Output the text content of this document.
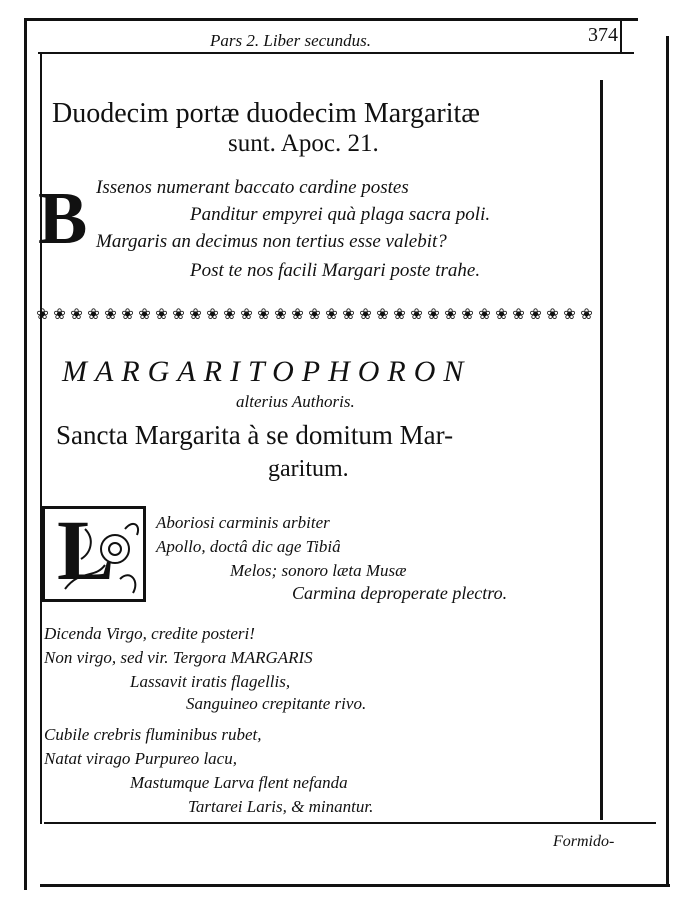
Pars 2. Liber secundus.	374
Duodecim portæ duodecim Margaritæ
sunt. Apoc. 21.
B Issenos numerant baccato cardine postes
Panditur empyrei quà plaga sacra poli.
Margaris an decimus non tertius esse valebit?
Post te nos facili Margari poste trahe.
❀ ❀ ❀ ❀ ❀ ❀ ❀ ❀ ❀ ❀ ❀ ❀ ❀ ❀ ❀ ❀ ❀ ❀ ❀ ❀ ❀ ❀ ❀ ❀ ❀ ❀ ❀ ❀ ❀ ❀ ❀ ❀ ❀
MARGARITOPHORON
alterius Authoris.
Sancta Margarita à se domitum Mar-
garitum.
L Aboriosi carminis arbiter
Apollo, doctâ dic age Tibiâ
Melos; sonoro læta Musæ
Carmina deproperate plectro.
Dicenda Virgo, credite posteri!
Non virgo, sed vir. Tergora MARGARIS
Lassavit iratis flagellis,
Sanguineo crepitante rivo.
Cubile crebris fluminibus rubet,
Natat virago Purpureo lacu,
Mastumque Larva flent nefanda
Tartarei Laris, & minantur.
Formido-
